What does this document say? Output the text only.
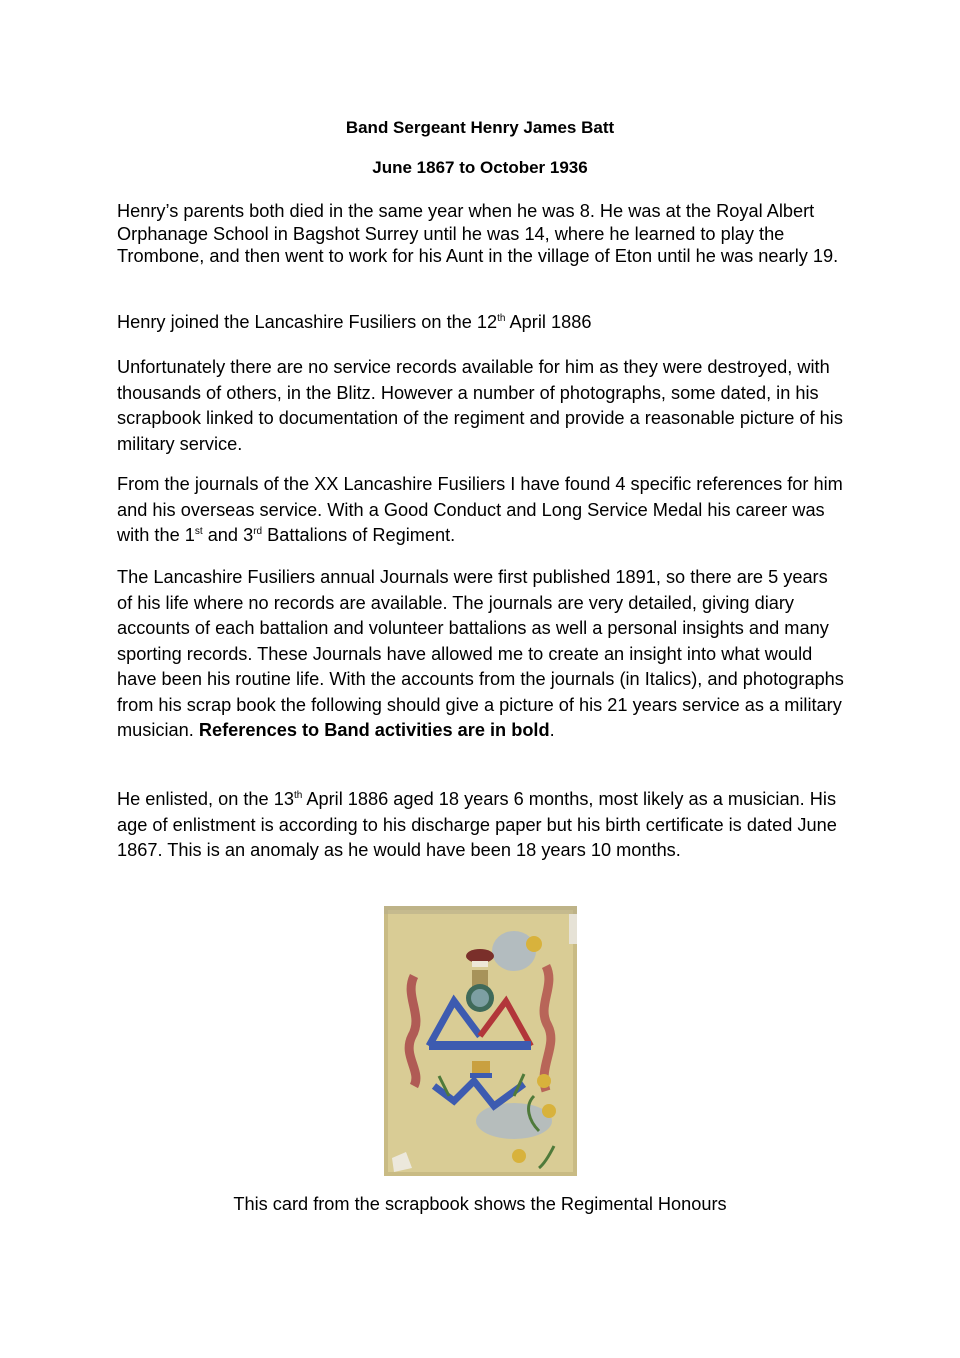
Band Sergeant Henry James Batt
June 1867 to October 1936

Henry’s parents both died in the same year when he was 8. He was at the Royal Albert Orphanage School in Bagshot Surrey until he was 14, where he learned to play the Trombone, and then went to work for his Aunt in the village of Eton until he was nearly 19.

Henry joined the Lancashire Fusiliers on the 12th April 1886

Unfortunately there are no service records available for him as they were destroyed, with thousands of others, in the Blitz. However a number of photographs, some dated, in his scrapbook linked to documentation of the regiment and provide a reasonable picture of his military service.

From the journals of the XX Lancashire Fusiliers I have found 4 specific references for him and his overseas service. With a Good Conduct and Long Service Medal his career was with the 1st and 3rd Battalions of Regiment.

The Lancashire Fusiliers annual Journals were first published 1891, so there are 5 years of his life where no records are available. The journals are very detailed, giving diary accounts of each battalion and volunteer battalions as well a personal insights and many sporting records. These Journals have allowed me to create an insight into what would have been his routine life. With the accounts from the journals (in Italics), and photographs from his scrap book the following should give a picture of his 21 years service as a military musician. References to Band activities are in bold.

He enlisted, on the 13th April 1886 aged 18 years 6 months, most likely as a musician. His age of enlistment is according to his discharge paper but his birth certificate is dated June 1867. This is an anomaly as he would have been 18 years 10 months.

This card from the scrapbook shows the Regimental Honours
